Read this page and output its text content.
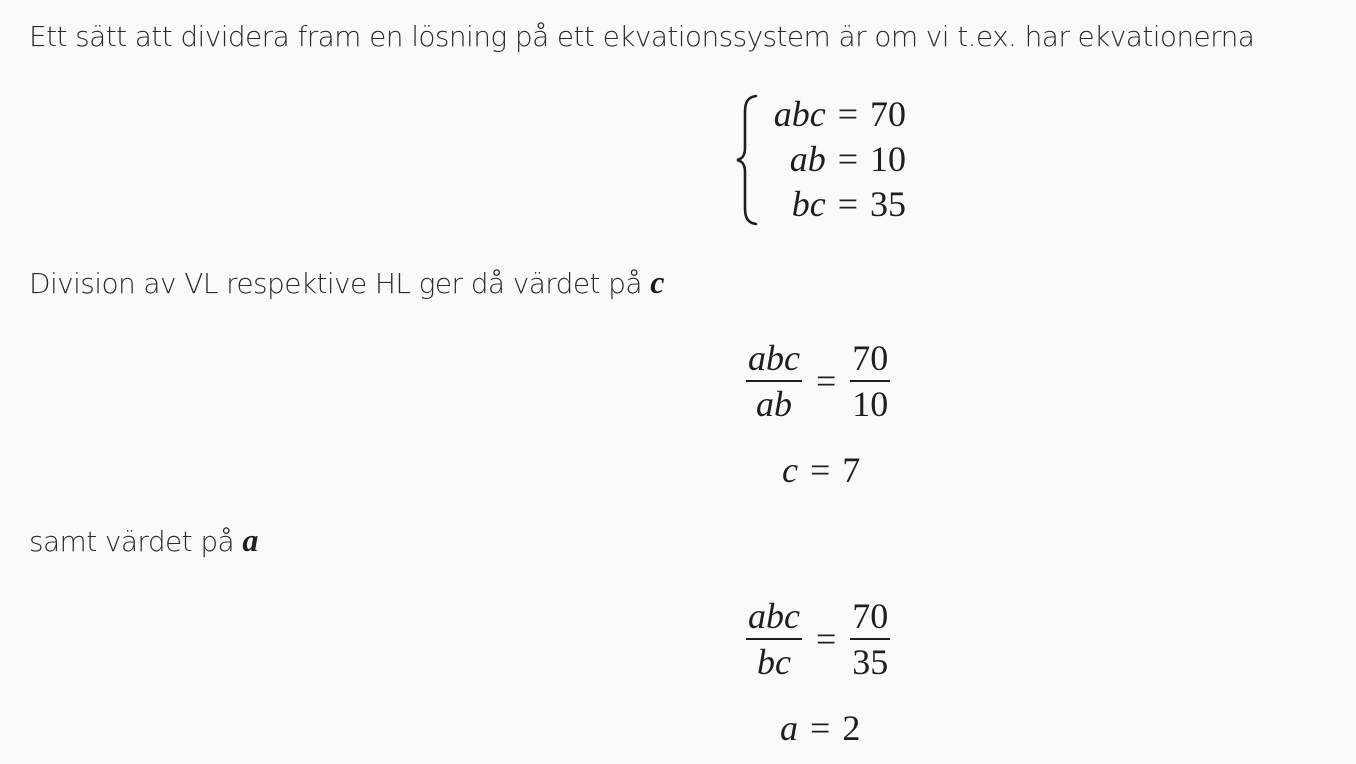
Ett sätt att dividera fram en lösning på ett ekvationssystem är om vi t.ex. har ekvationerna
abc = 70
ab = 10
bc = 35
Division av VL respektive HL ger då värdet på c
$\frac{\text{abc}}{ab} = \frac{70}{10}$
c = 7
samt värdet på a
$\frac{\text{abc}}{bc} = \frac{70}{35}$
a = 2
